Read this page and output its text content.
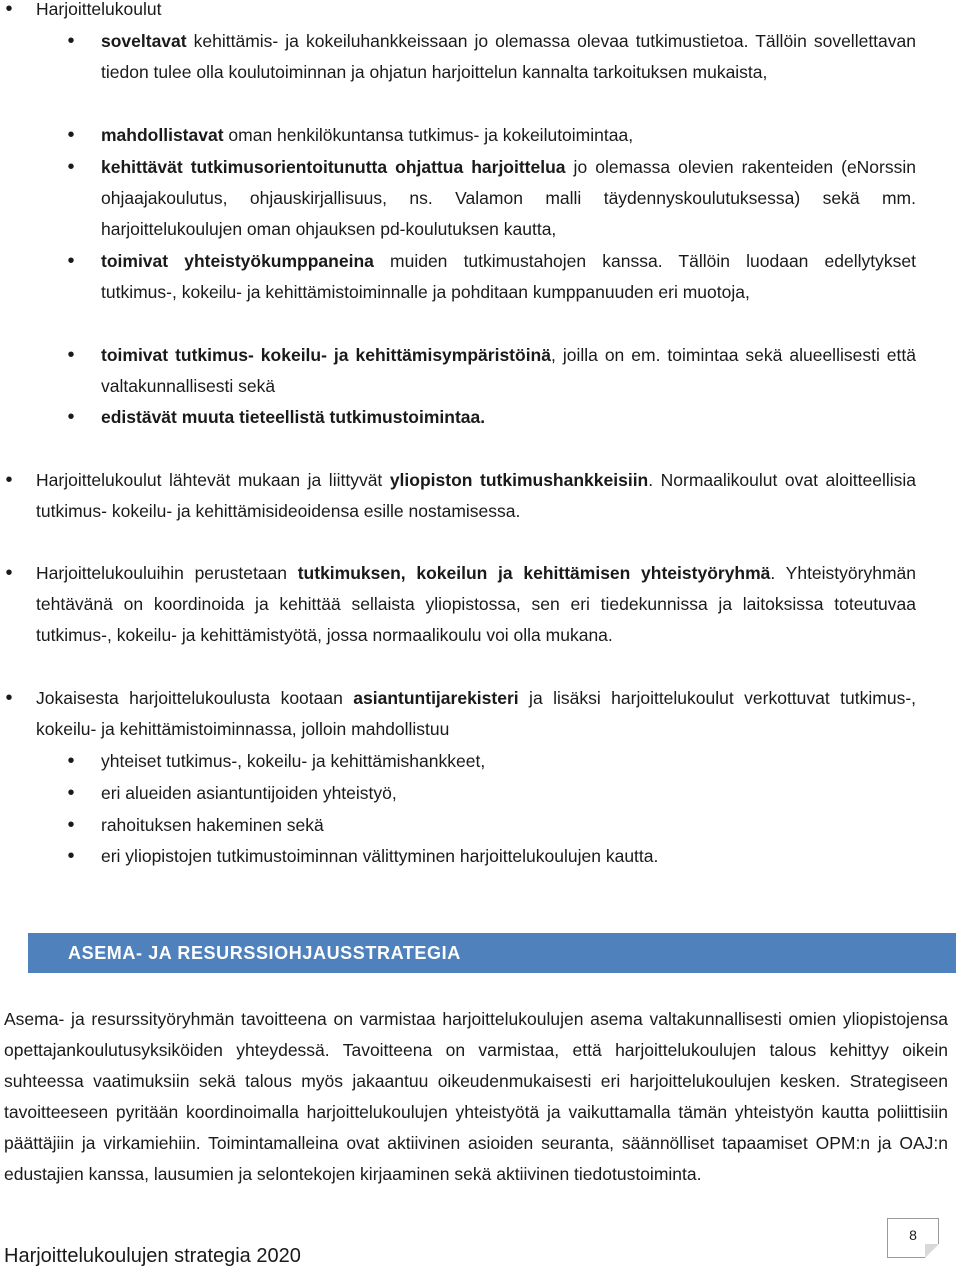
•
Harjoittelukoulut
•
soveltavat kehittämis- ja kokeiluhankkeissaan jo olemassa olevaa tutkimustietoa. Tällöin sovellettavan tiedon tulee olla koulutoiminnan ja ohjatun harjoittelun kannalta tarkoituksen mukaista,
•
mahdollistavat oman henkilökuntansa tutkimus- ja kokeilutoimintaa,
•
kehittävät tutkimusorientoitunutta ohjattua harjoittelua jo olemassa olevien rakenteiden (eNorssin ohjaajakoulutus, ohjauskirjallisuus, ns. Valamon malli täydennyskoulutuksessa) sekä mm. harjoittelukoulujen oman ohjauksen pd-koulutuksen kautta,
•
toimivat yhteistyökumppaneina muiden tutkimustahojen kanssa. Tällöin luodaan edellytykset tutkimus-, kokeilu- ja kehittämistoiminnalle ja pohditaan kumppanuuden eri muotoja,
•
toimivat tutkimus- kokeilu- ja kehittämisympäristöinä, joilla on em. toimintaa sekä alueellisesti että valtakunnallisesti sekä
•
edistävät muuta tieteellistä tutkimustoimintaa.
•
Harjoittelukoulut lähtevät mukaan ja liittyvät yliopiston tutkimushankkeisiin. Normaalikoulut ovat aloitteellisia tutkimus- kokeilu- ja kehittämisideoidensa esille nostamisessa.
•
Harjoittelukouluihin perustetaan tutkimuksen, kokeilun ja kehittämisen yhteistyöryhmä. Yhteistyöryhmän tehtävänä on koordinoida ja kehittää sellaista yliopistossa, sen eri tiedekunnissa ja laitoksissa toteutuvaa tutkimus-, kokeilu- ja kehittämistyötä, jossa normaalikoulu voi olla mukana.
•
Jokaisesta harjoittelukoulusta kootaan asiantuntijarekisteri ja lisäksi harjoittelukoulut verkottuvat tutkimus-, kokeilu- ja kehittämistoiminnassa, jolloin mahdollistuu
•
yhteiset tutkimus-, kokeilu- ja kehittämishankkeet,
•
eri alueiden asiantuntijoiden yhteistyö,
•
rahoituksen hakeminen sekä
•
eri yliopistojen tutkimustoiminnan välittyminen harjoittelukoulujen kautta.
ASEMA- JA RESURSSIOHJAUSSTRATEGIA
Asema- ja resurssityöryhmän tavoitteena on varmistaa harjoittelukoulujen asema valtakunnallisesti omien yliopistojensa opettajankoulutusyksiköiden yhteydessä. Tavoitteena on varmistaa, että harjoittelukoulujen talous kehittyy oikein suhteessa vaatimuksiin sekä talous myös jakaantuu oikeudenmukaisesti eri harjoittelukoulujen kesken. Strategiseen tavoitteeseen pyritään koordinoimalla harjoittelukoulujen yhteistyötä ja vaikuttamalla tämän yhteistyön kautta poliittisiin päättäjiin ja virkamiehiin. Toimintamalleina ovat aktiivinen asioiden seuranta, säännölliset tapaamiset OPM:n ja OAJ:n edustajien kanssa, lausumien ja selontekojen kirjaaminen sekä aktiivinen tiedotustoiminta.
Harjoittelukoulujen strategia 2020
8
